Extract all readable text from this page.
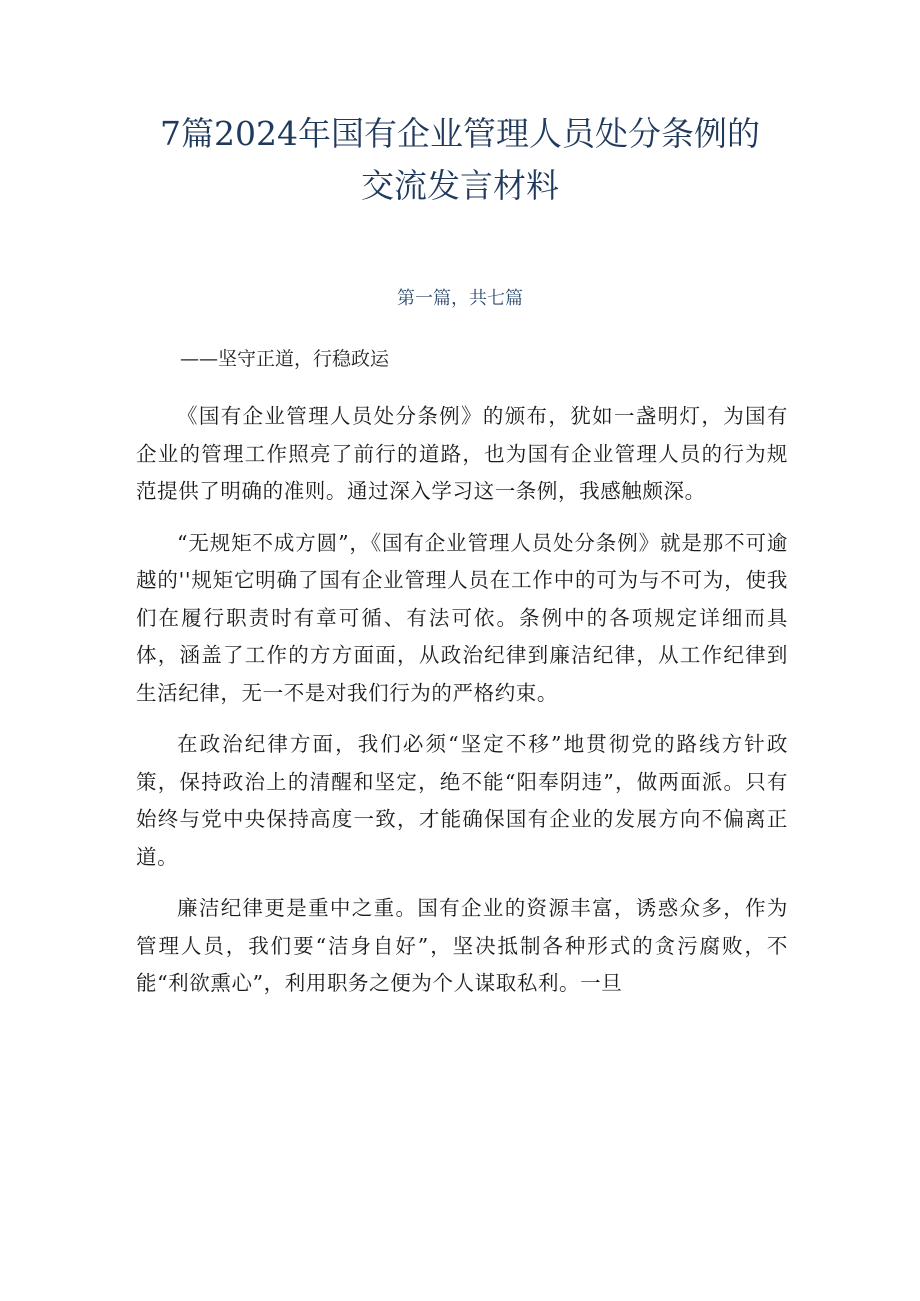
7篇2024年国有企业管理人员处分条例的
交流发言材料
第一篇，共七篇
——坚守正道，行稳政运

《国有企业管理人员处分条例》的颁布，犹如一盏明灯，为国有企业的管理工作照亮了前行的道路，也为国有企业管理人员的行为规范提供了明确的准则。通过深入学习这一条例，我感触颇深。

“无规矩不成方圆”，《国有企业管理人员处分条例》就是那不可逾越的''规矩它明确了国有企业管理人员在工作中的可为与不可为，使我们在履行职责时有章可循、有法可依。条例中的各项规定详细而具体，涵盖了工作的方方面面，从政治纪律到廉洁纪律，从工作纪律到生活纪律，无一不是对我们行为的严格约束。

在政治纪律方面，我们必须“坚定不移”地贯彻党的路线方针政策，保持政治上的清醒和坚定，绝不能“阳奉阴违”，做两面派。只有始终与党中央保持高度一致，才能确保国有企业的发展方向不偏离正道。

廉洁纪律更是重中之重。国有企业的资源丰富，诱惑众多，作为管理人员，我们要“洁身自好”，坚决抵制各种形式的贪污腐败，不能“利欲熏心”，利用职务之便为个人谋取私利。一旦
